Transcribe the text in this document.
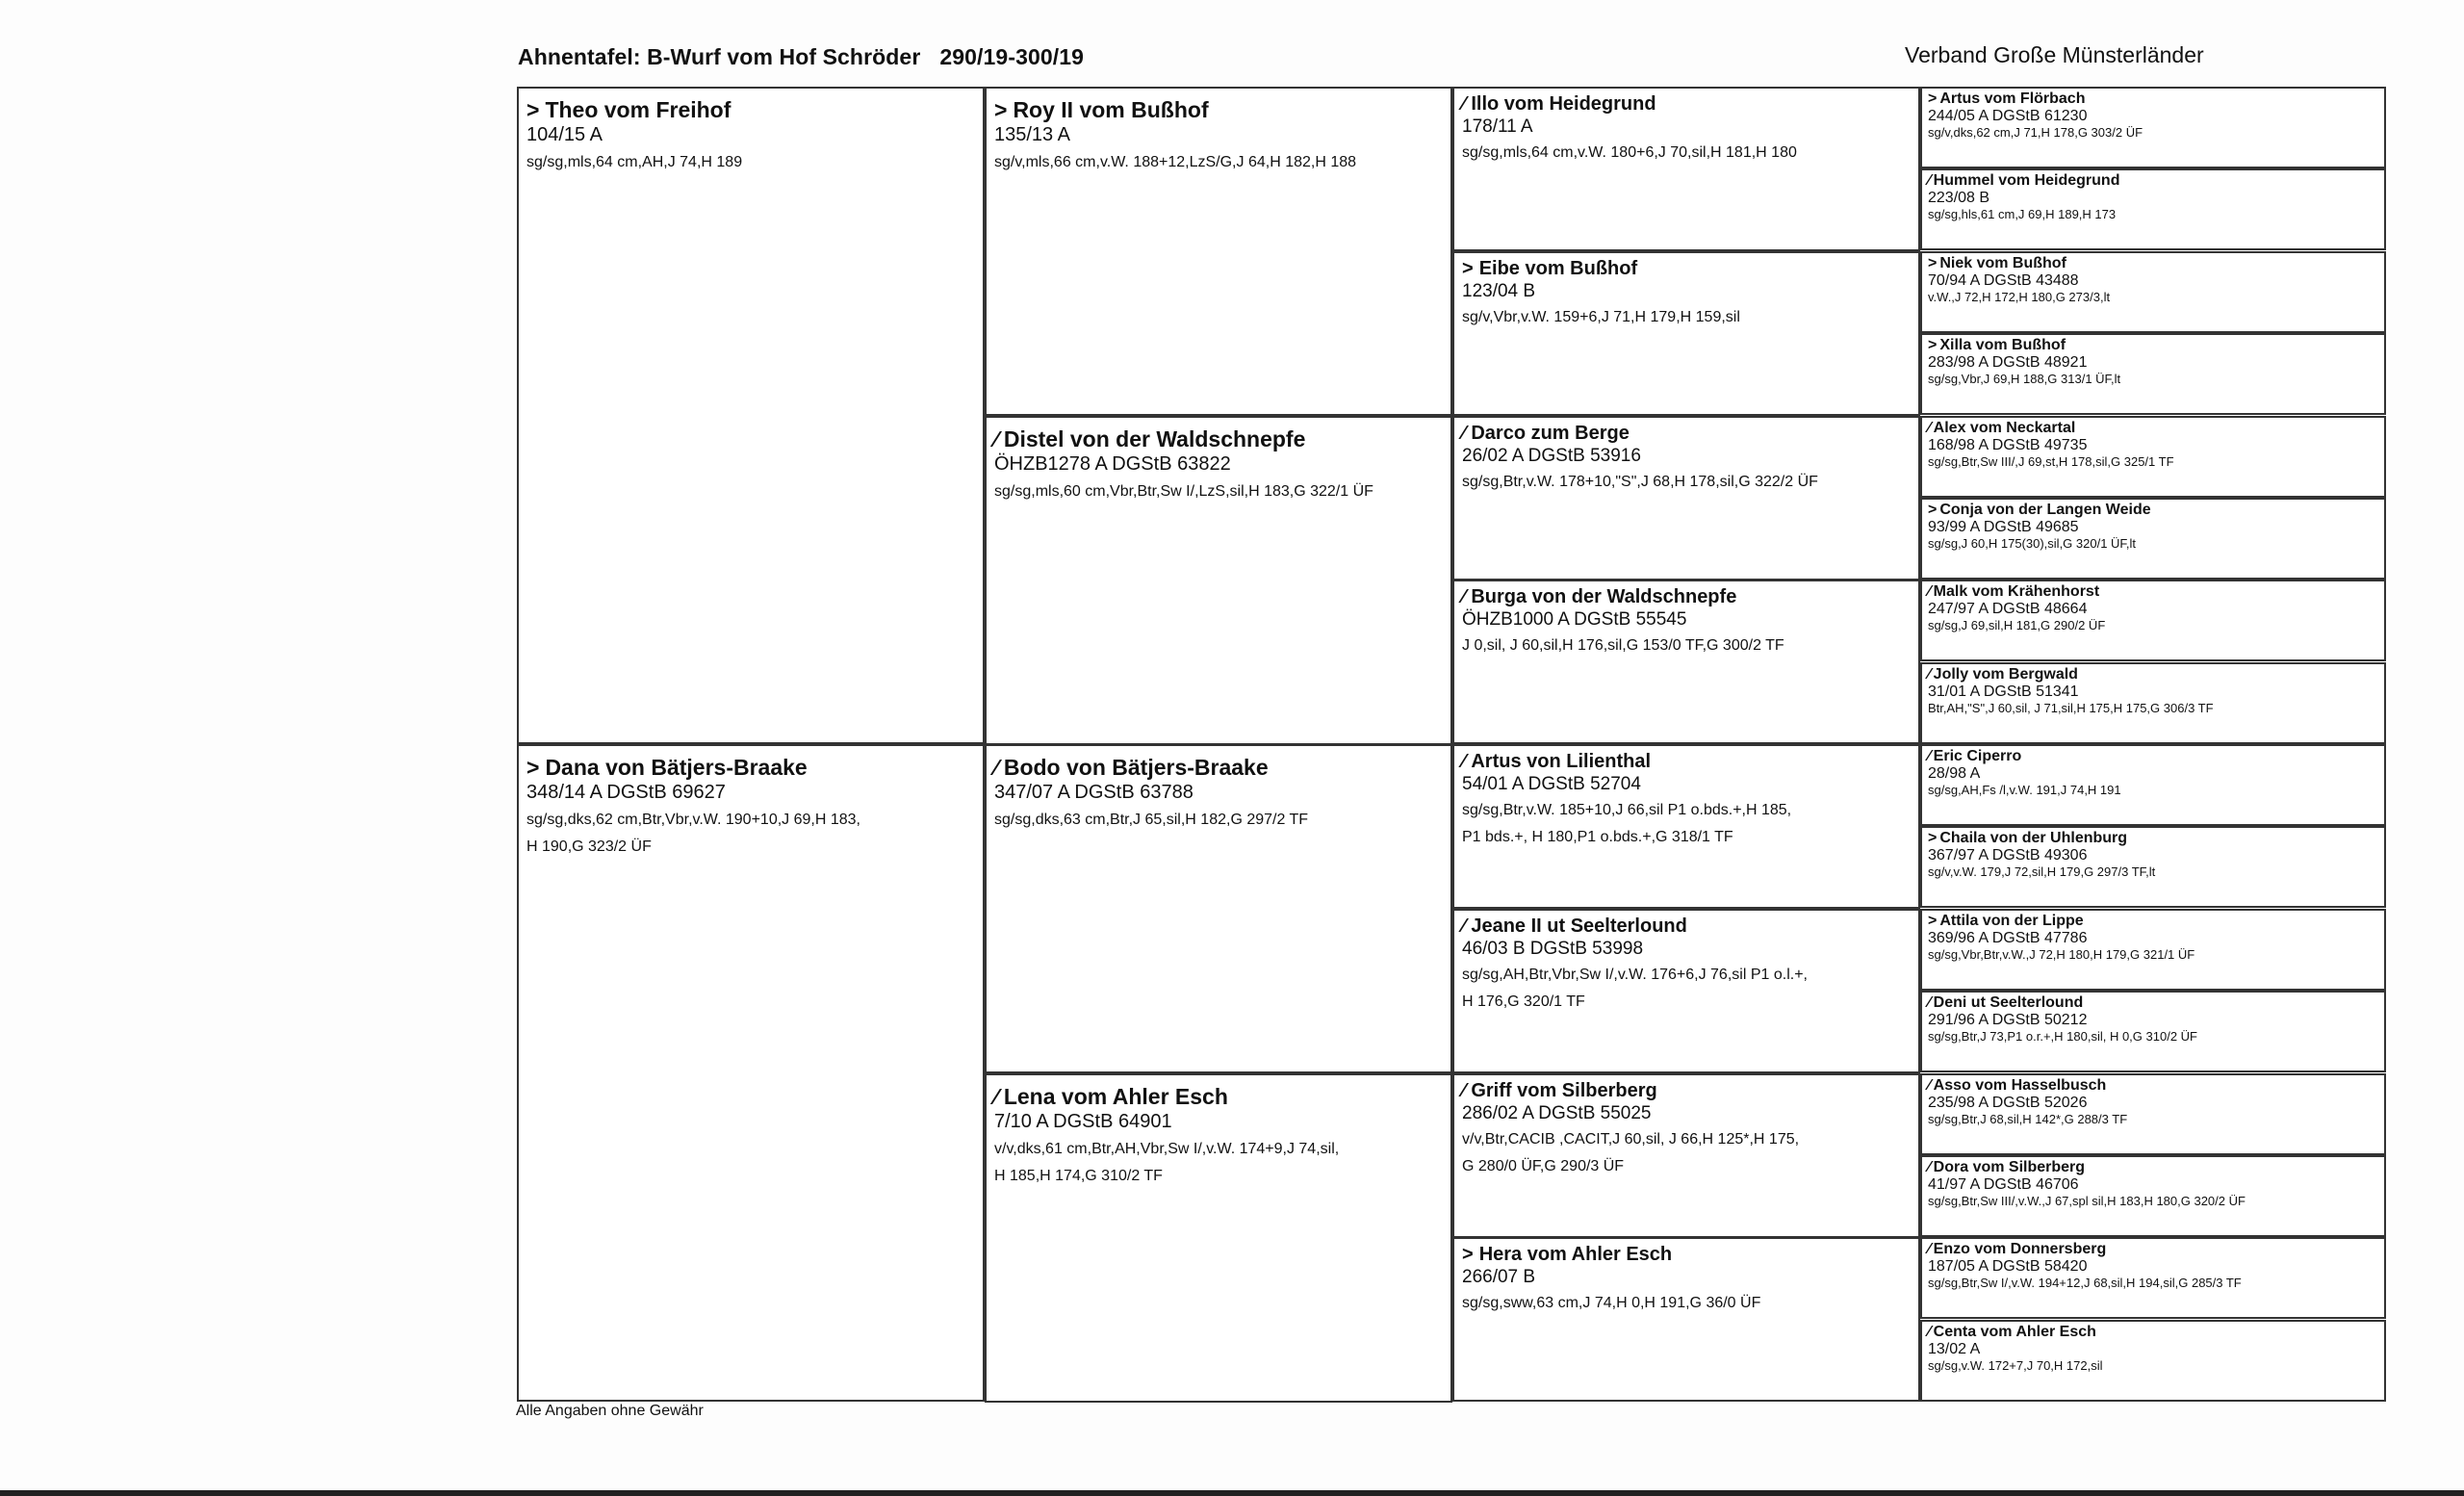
Ahnentafel: B-Wurf vom Hof Schröder 290/19-300/19	Verband Große Münsterländer
> Theo vom Freihof
104/15 A
sg/sg,mls,64 cm,AH,J 74,H 189
> Dana von Bätjers-Braake
348/14 A DGStB 69627
sg/sg,dks,62 cm,Btr,Vbr,v.W. 190+10,J 69,H 183,
H 190,G 323/2 ÜF
> Roy II vom Bußhof
135/13 A
sg/v,mls,66 cm,v.W. 188+12,LzS/G,J 64,H 182,H 188
⁄ Distel von der Waldschnepfe
ÖHZB1278 A DGStB 63822
sg/sg,mls,60 cm,Vbr,Btr,Sw I/,LzS,sil,H 183,G 322/1 ÜF
⁄ Bodo von Bätjers-Braake
347/07 A DGStB 63788
sg/sg,dks,63 cm,Btr,J 65,sil,H 182,G 297/2 TF
⁄ Lena vom Ahler Esch
7/10 A DGStB 64901
v/v,dks,61 cm,Btr,AH,Vbr,Sw I/,v.W. 174+9,J 74,sil,
H 185,H 174,G 310/2 TF
⁄ Illo vom Heidegrund
178/11 A
sg/sg,mls,64 cm,v.W. 180+6,J 70,sil,H 181,H 180
> Eibe vom Bußhof
123/04 B
sg/v,Vbr,v.W. 159+6,J 71,H 179,H 159,sil
⁄ Darco zum Berge
26/02 A DGStB 53916
sg/sg,Btr,v.W. 178+10,"S",J 68,H 178,sil,G 322/2 ÜF
⁄ Burga von der Waldschnepfe
ÖHZB1000 A DGStB 55545
J 0,sil, J 60,sil,H 176,sil,G 153/0 TF,G 300/2 TF
⁄ Artus von Lilienthal
54/01 A DGStB 52704
sg/sg,Btr,v.W. 185+10,J 66,sil P1 o.bds.+,H 185,
P1 bds.+, H 180,P1 o.bds.+,G 318/1 TF
⁄ Jeane II ut Seelterlound
46/03 B DGStB 53998
sg/sg,AH,Btr,Vbr,Sw I/,v.W. 176+6,J 76,sil P1 o.l.+,
H 176,G 320/1 TF
⁄ Griff vom Silberberg
286/02 A DGStB 55025
v/v,Btr,CACIB ,CACIT,J 60,sil, J 66,H 125*,H 175,
G 280/0 ÜF,G 290/3 ÜF
> Hera vom Ahler Esch
266/07 B
sg/sg,sww,63 cm,J 74,H 0,H 191,G 36/0 ÜF
> Artus vom Flörbach
244/05 A DGStB 61230
sg/v,dks,62 cm,J 71,H 178,G 303/2 ÜF
⁄ Hummel vom Heidegrund
223/08 B
sg/sg,hls,61 cm,J 69,H 189,H 173
> Niek vom Bußhof
70/94 A DGStB 43488
v.W.,J 72,H 172,H 180,G 273/3,lt
> Xilla vom Bußhof
283/98 A DGStB 48921
sg/sg,Vbr,J 69,H 188,G 313/1 ÜF,lt
⁄ Alex vom Neckartal
168/98 A DGStB 49735
sg/sg,Btr,Sw III/,J 69,st,H 178,sil,G 325/1 TF
> Conja von der Langen Weide
93/99 A DGStB 49685
sg/sg,J 60,H 175(30),sil,G 320/1 ÜF,lt
⁄ Malk vom Krähenhorst
247/97 A DGStB 48664
sg/sg,J 69,sil,H 181,G 290/2 ÜF
⁄ Jolly vom Bergwald
31/01 A DGStB 51341
Btr,AH,"S",J 60,sil, J 71,sil,H 175,H 175,G 306/3 TF
⁄ Eric Ciperro
28/98 A
sg/sg,AH,Fs /l,v.W. 191,J 74,H 191
> Chaila von der Uhlenburg
367/97 A DGStB 49306
sg/v,v.W. 179,J 72,sil,H 179,G 297/3 TF,lt
> Attila von der Lippe
369/96 A DGStB 47786
sg/sg,Vbr,Btr,v.W.,J 72,H 180,H 179,G 321/1 ÜF
⁄ Deni ut Seelterlound
291/96 A DGStB 50212
sg/sg,Btr,J 73,P1 o.r.+,H 180,sil, H 0,G 310/2 ÜF
⁄ Asso vom Hasselbusch
235/98 A DGStB 52026
sg/sg,Btr,J 68,sil,H 142*,G 288/3 TF
⁄ Dora vom Silberberg
41/97 A DGStB 46706
sg/sg,Btr,Sw III/,v.W.,J 67,spl sil,H 183,H 180,G 320/2 ÜF
⁄ Enzo vom Donnersberg
187/05 A DGStB 58420
sg/sg,Btr,Sw I/,v.W. 194+12,J 68,sil,H 194,sil,G 285/3 TF
⁄ Centa vom Ahler Esch
13/02 A
sg/sg,v.W. 172+7,J 70,H 172,sil
Alle Angaben ohne Gewähr
